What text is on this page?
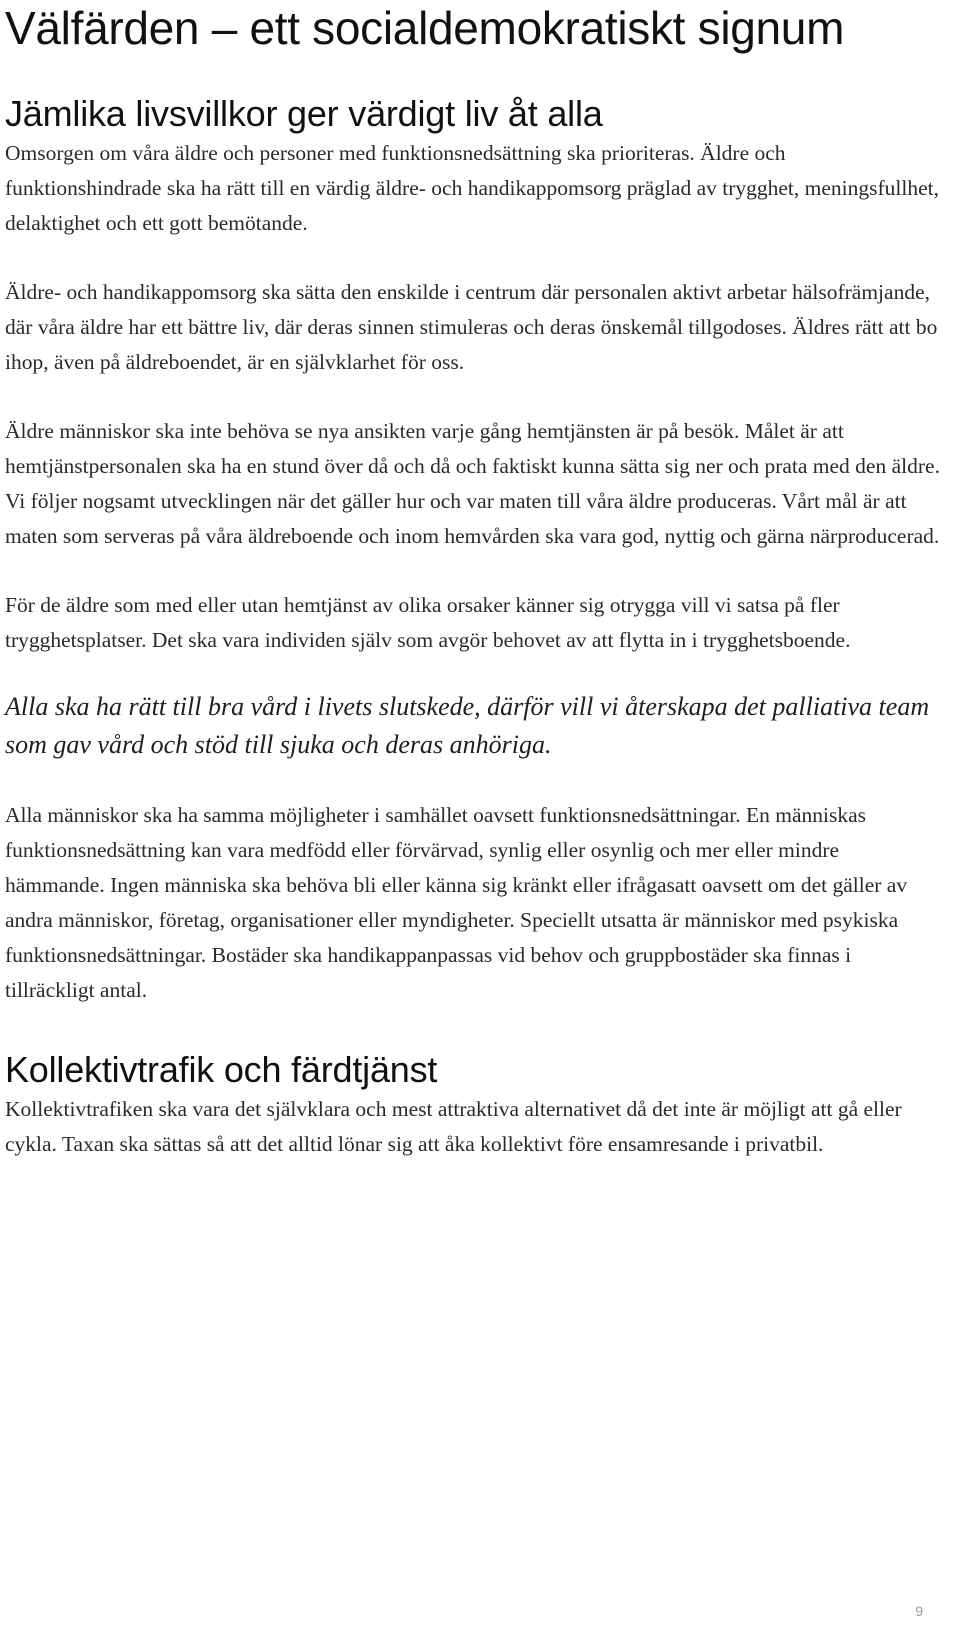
Välfärden – ett socialdemokratiskt signum
Jämlika livsvillkor ger värdigt liv åt alla

Omsorgen om våra äldre och personer med funktionsnedsättning ska prioriteras. Äldre och funktionshindrade ska ha rätt till en värdig äldre- och handikappomsorg präglad av trygghet, meningsfullhet, delaktighet och ett gott bemötande.

Äldre- och handikappomsorg ska sätta den enskilde i centrum där personalen aktivt arbetar hälsofrämjande, där våra äldre har ett bättre liv, där deras sinnen stimuleras och deras önskemål tillgodoses. Äldres rätt att bo ihop, även på äldreboendet, är en självklarhet för oss.

Äldre människor ska inte behöva se nya ansikten varje gång hemtjänsten är på besök. Målet är att hemtjänstpersonalen ska ha en stund över då och då och faktiskt kunna sätta sig ner och prata med den äldre. Vi följer nogsamt utvecklingen när det gäller hur och var maten till våra äldre produceras. Vårt mål är att maten som serveras på våra äldreboende och inom hemvården ska vara god, nyttig och gärna närproducerad.

För de äldre som med eller utan hemtjänst av olika orsaker känner sig otrygga vill vi satsa på fler trygghetsplatser. Det ska vara individen själv som avgör behovet av att flytta in i trygghetsboende.

Alla ska ha rätt till bra vård i livets slutskede, därför vill vi återskapa det palliativa team som gav vård och stöd till sjuka och deras anhöriga.

Alla människor ska ha samma möjligheter i samhället oavsett funktionsnedsättningar. En människas funktionsnedsättning kan vara medfödd eller förvärvad, synlig eller osynlig och mer eller mindre hämmande. Ingen människa ska behöva bli eller känna sig kränkt eller ifrågasatt oavsett om det gäller av andra människor, företag, organisationer eller myndigheter. Speciellt utsatta är människor med psykiska funktionsnedsättningar. Bostäder ska handikappanpassas vid behov och gruppbostäder ska finnas i tillräckligt antal.

Kollektivtrafik och färdtjänst

Kollektivtrafiken ska vara det självklara och mest attraktiva alternativet då det inte är möjligt att gå eller cykla. Taxan ska sättas så att det alltid lönar sig att åka kollektivt före ensamresande i privatbil.

9
